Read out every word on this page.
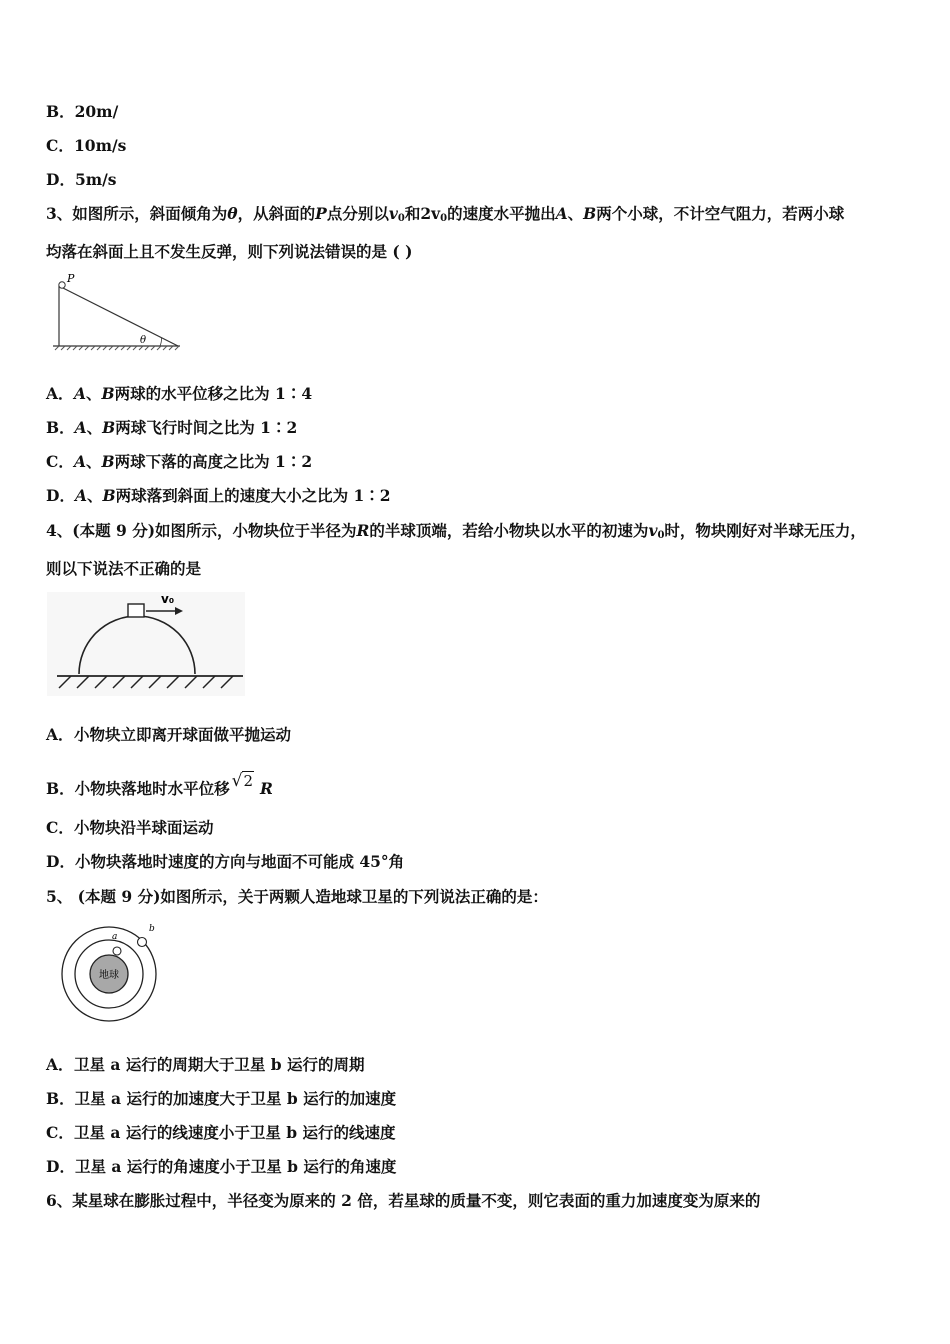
B．20m/
C．10m/s
D．5m/s
3、如图所示，斜面倾角为θ，从斜面的P点分别以$v_0$和$2v_0$的速度水平抛出A、B两个小球，不计空气阻力，若两小球
均落在斜面上且不发生反弹，则下列说法错误的是 ( )
P
θ
A．A、B两球的水平位移之比为 1∶4
B．A、B两球飞行时间之比为 1∶2
C．A、B两球下落的高度之比为 1∶2
D．A、B两球落到斜面上的速度大小之比为 1∶2
4、(本题 9 分)如图所示，小物块位于半径为R的半球顶端，若给小物块以水平的初速为$v_0$时，物块刚好对半球无压力，
则以下说法不正确的是
v₀
A．小物块立即离开球面做平抛运动
B．小物块落地时水平位移 √2 R
C．小物块沿半球面运动
D．小物块落地时速度的方向与地面不可能成 45°角
5、 (本题 9 分)如图所示，关于两颗人造地球卫星的下列说法正确的是：
地球
a
b
A．卫星 a 运行的周期大于卫星 b 运行的周期
B．卫星 a 运行的加速度大于卫星 b 运行的加速度
C．卫星 a 运行的线速度小于卫星 b 运行的线速度
D．卫星 a 运行的角速度小于卫星 b 运行的角速度
6、某星球在膨胀过程中，半径变为原来的 2 倍，若星球的质量不变，则它表面的重力加速度变为原来的
